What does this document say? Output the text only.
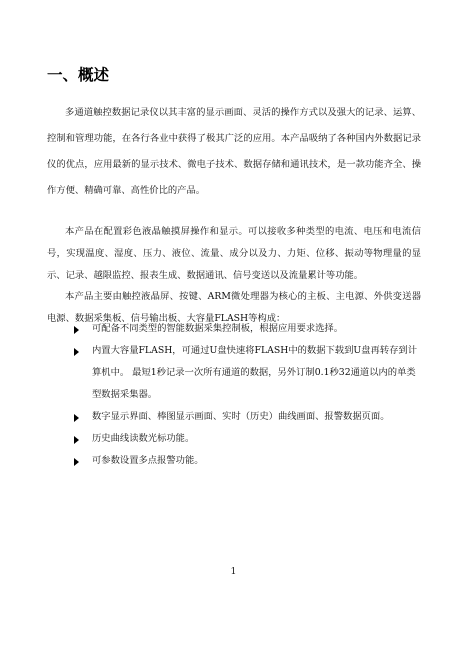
一、概述

多通道触控数据记录仪以其丰富的显示画面、灵活的操作方式以及强大的记录、运算、控制和管理功能，在各行各业中获得了极其广泛的应用。本产品吸纳了各种国内外数据记录仪的优点，应用最新的显示技术、微电子技术、数据存储和通讯技术，是一款功能齐全、操作方便、精确可靠、高性价比的产品。

本产品在配置彩色液晶触摸屏操作和显示。可以接收多种类型的电流、电压和电流信号，实现温度、湿度、压力、液位、流量、成分以及力、力矩、位移、振动等物理量的显示、记录、越限监控、报表生成、数据通讯、信号变送以及流量累计等功能。

本产品主要由触控液晶屏、按键、ARM微处理器为核心的主板、主电源、外供变送器电源、数据采集板、信号输出板、大容量FLASH等构成：

可配备不同类型的智能数据采集控制板，根据应用要求选择。
内置大容量FLASH，可通过U盘快速将FLASH中的数据下载到U盘再转存到计算机中。 最短1秒记录一次所有通道的数据，另外订制0.1秒32通道以内的单类型数据采集器。
数字显示界面、棒图显示画面、实时（历史）曲线画面、报警数据页面。
历史曲线读数光标功能。
可参数设置多点报警功能。
1
